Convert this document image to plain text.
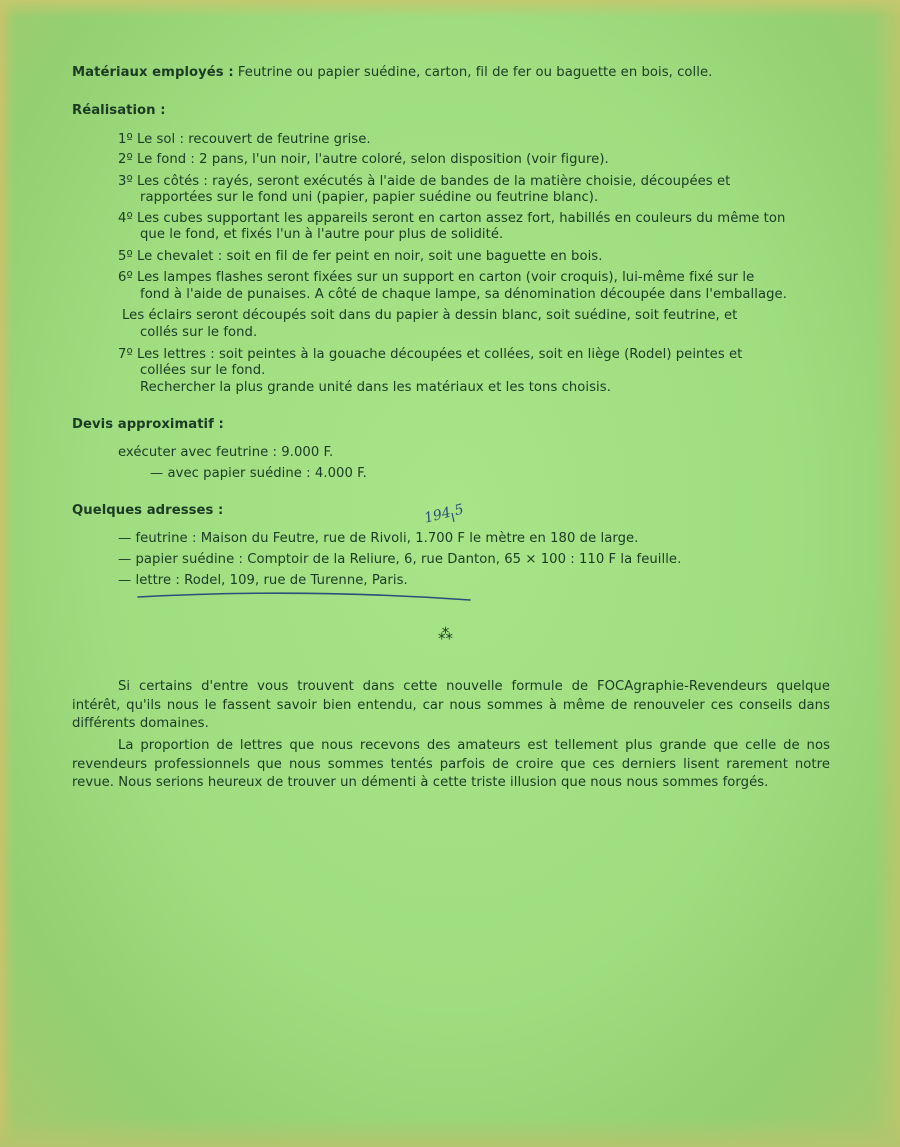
Matériaux employés : Feutrine ou papier suédine, carton, fil de fer ou baguette en bois, colle.
Réalisation :
1º Le sol : recouvert de feutrine grise.
2º Le fond : 2 pans, l'un noir, l'autre coloré, selon disposition (voir figure).
3º Les côtés : rayés, seront exécutés à l'aide de bandes de la matière choisie, découpées et
rapportées sur le fond uni (papier, papier suédine ou feutrine blanc).
4º Les cubes supportant les appareils seront en carton assez fort, habillés en couleurs du même ton
que le fond, et fixés l'un à l'autre pour plus de solidité.
5º Le chevalet : soit en fil de fer peint en noir, soit une baguette en bois.
6º Les lampes flashes seront fixées sur un support en carton (voir croquis), lui-même fixé sur le
fond à l'aide de punaises. A côté de chaque lampe, sa dénomination découpée dans l'emballage.
Les éclairs seront découpés soit dans du papier à dessin blanc, soit suédine, soit feutrine, et
collés sur le fond.
7º Les lettres : soit peintes à la gouache découpées et collées, soit en liège (Rodel) peintes et
collées sur le fond.
Rechercher la plus grande unité dans les matériaux et les tons choisis.
Devis approximatif :
exécuter avec feutrine : 9.000 F.
— avec papier suédine : 4.000 F.
Quelques adresses :
— feutrine : Maison du Feutre, rue de Rivoli, 1.700 F le mètre en 180 de large.
— papier suédine : Comptoir de la Reliure, 6, rue Danton, 65 × 100 : 110 F la feuille.
— lettre : Rodel, 109, rue de Turenne, Paris.
194 5
⁂
Si certains d'entre vous trouvent dans cette nouvelle formule de FOCAgraphie-Revendeurs quelque intérêt, qu'ils nous le fassent savoir bien entendu, car nous sommes à même de renouveler ces conseils dans différents domaines.
La proportion de lettres que nous recevons des amateurs est tellement plus grande que celle de nos revendeurs professionnels que nous sommes tentés parfois de croire que ces derniers lisent rarement notre revue. Nous serions heureux de trouver un démenti à cette triste illusion que nous nous sommes forgés.
